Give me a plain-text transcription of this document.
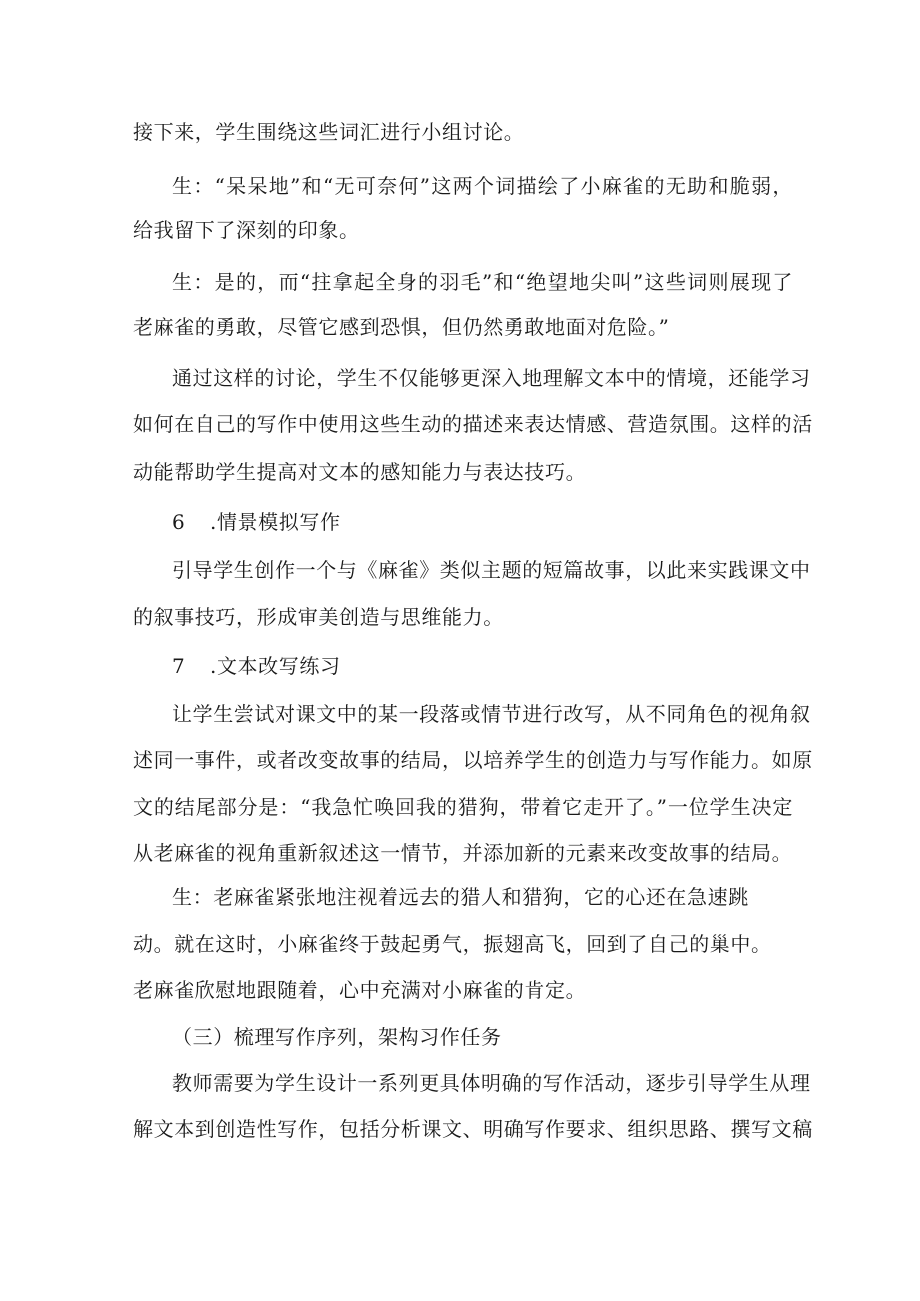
接下来，学生围绕这些词汇进行小组讨论。

生：“呆呆地”和“无可奈何”这两个词描绘了小麻雀的无助和脆弱，

给我留下了深刻的印象。

生：是的，而“拄拿起全身的羽毛”和“绝望地尖叫”这些词则展现了

老麻雀的勇敢，尽管它感到恐惧，但仍然勇敢地面对危险。”

通过这样的讨论，学生不仅能够更深入地理解文本中的情境，还能学习

如何在自己的写作中使用这些生动的描述来表达情感、营造氛围。这样的活

动能帮助学生提高对文本的感知能力与表达技巧。

6 .情景模拟写作

引导学生创作一个与《麻雀》类似主题的短篇故事，以此来实践课文中

的叙事技巧，形成审美创造与思维能力。

7 .文本改写练习

让学生尝试对课文中的某一段落或情节进行改写，从不同角色的视角叙

述同一事件，或者改变故事的结局，以培养学生的创造力与写作能力。如原

文的结尾部分是：“我急忙唤回我的猎狗，带着它走开了。”一位学生决定

从老麻雀的视角重新叙述这一情节，并添加新的元素来改变故事的结局。

生：老麻雀紧张地注视着远去的猎人和猎狗，它的心还在急速跳

动。就在这时，小麻雀终于鼓起勇气，振翅高飞，回到了自己的巢中。

老麻雀欣慰地跟随着，心中充满对小麻雀的肯定。

（三）梳理写作序列，架构习作任务

教师需要为学生设计一系列更具体明确的写作活动，逐步引导学生从理

解文本到创造性写作，包括分析课文、明确写作要求、组织思路、撰写文稿
